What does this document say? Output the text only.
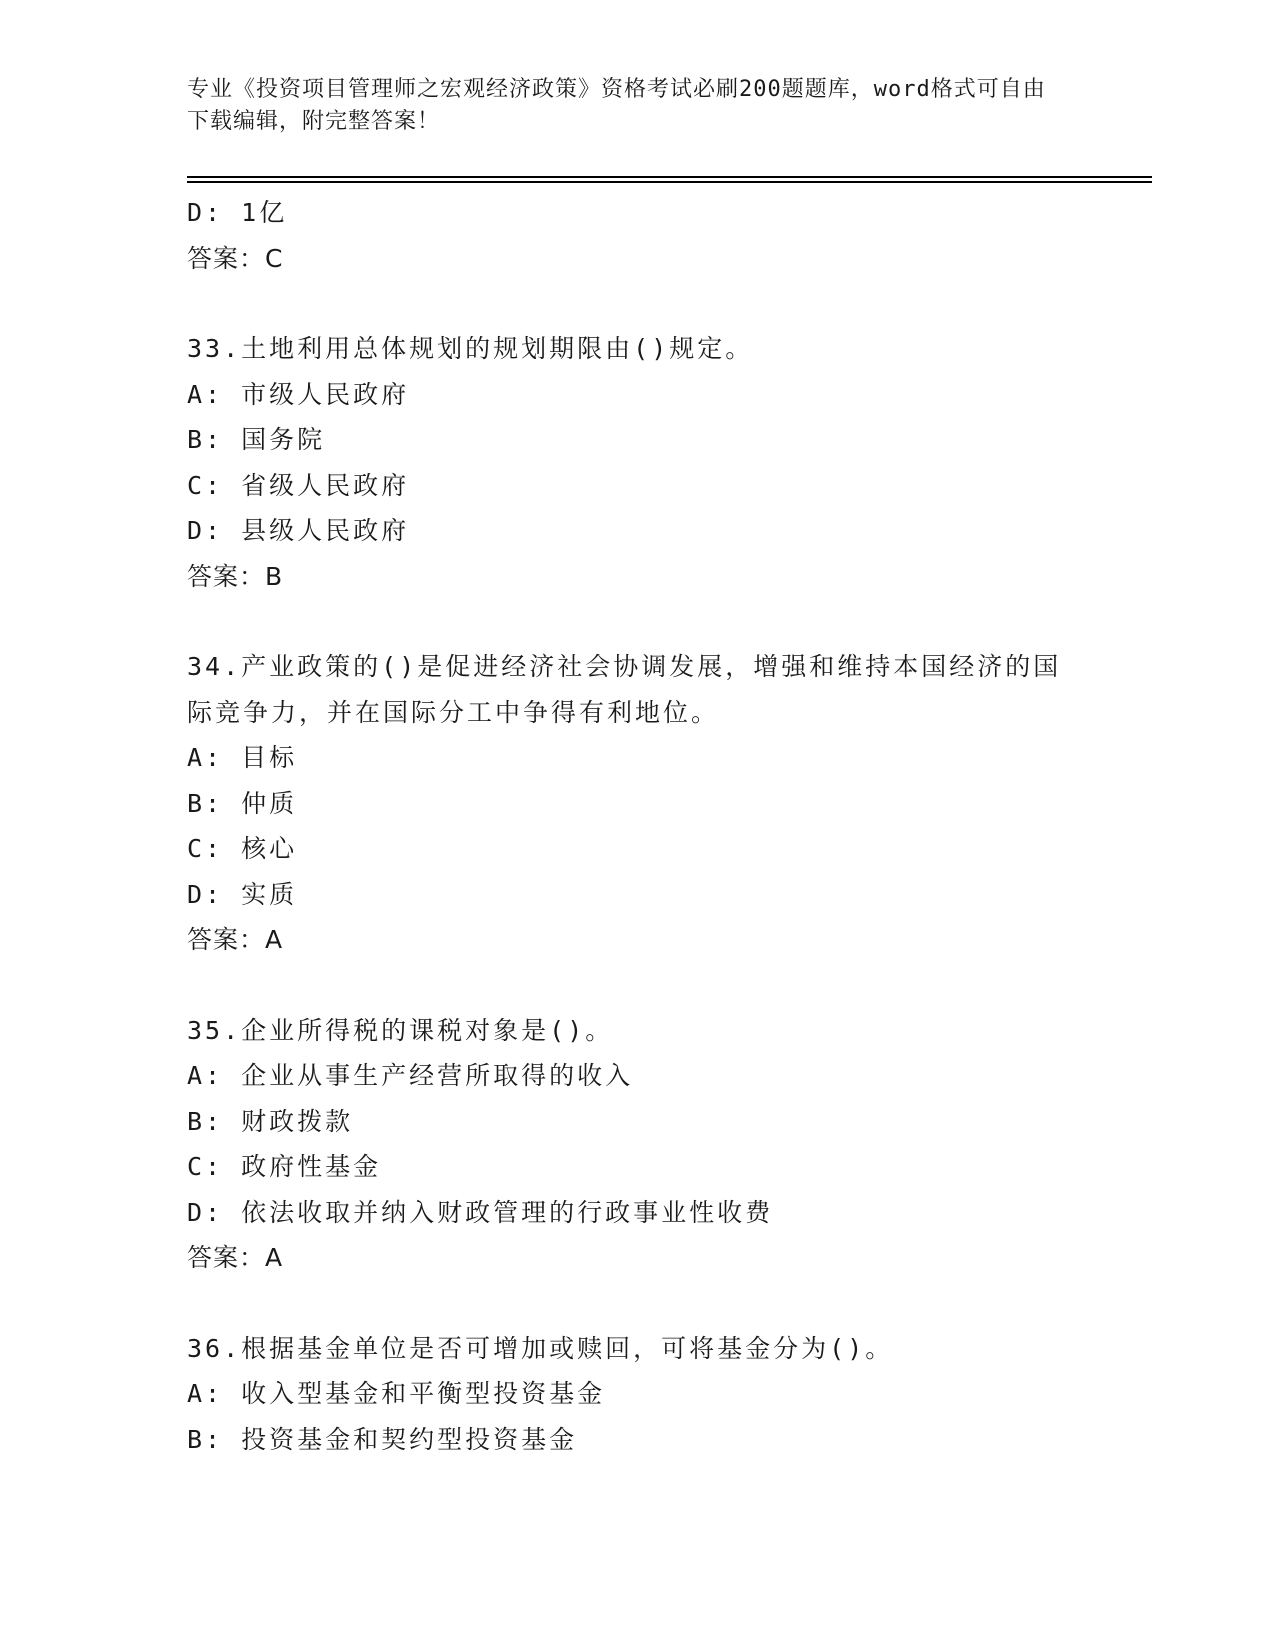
专业《投资项目管理师之宏观经济政策》资格考试必刷200题题库，word格式可自由下载编辑，附完整答案！
D: 1亿
答案：C
33.土地利用总体规划的规划期限由()规定。
A: 市级人民政府
B: 国务院
C: 省级人民政府
D: 县级人民政府
答案：B
34.产业政策的()是促进经济社会协调发展，增强和维持本国经济的国际竞争力，并在国际分工中争得有利地位。
A: 目标
B: 仲质
C: 核心
D: 实质
答案：A
35.企业所得税的课税对象是()。
A: 企业从事生产经营所取得的收入
B: 财政拨款
C: 政府性基金
D: 依法收取并纳入财政管理的行政事业性收费
答案：A
36.根据基金单位是否可增加或赎回，可将基金分为()。
A: 收入型基金和平衡型投资基金
B: 投资基金和契约型投资基金
